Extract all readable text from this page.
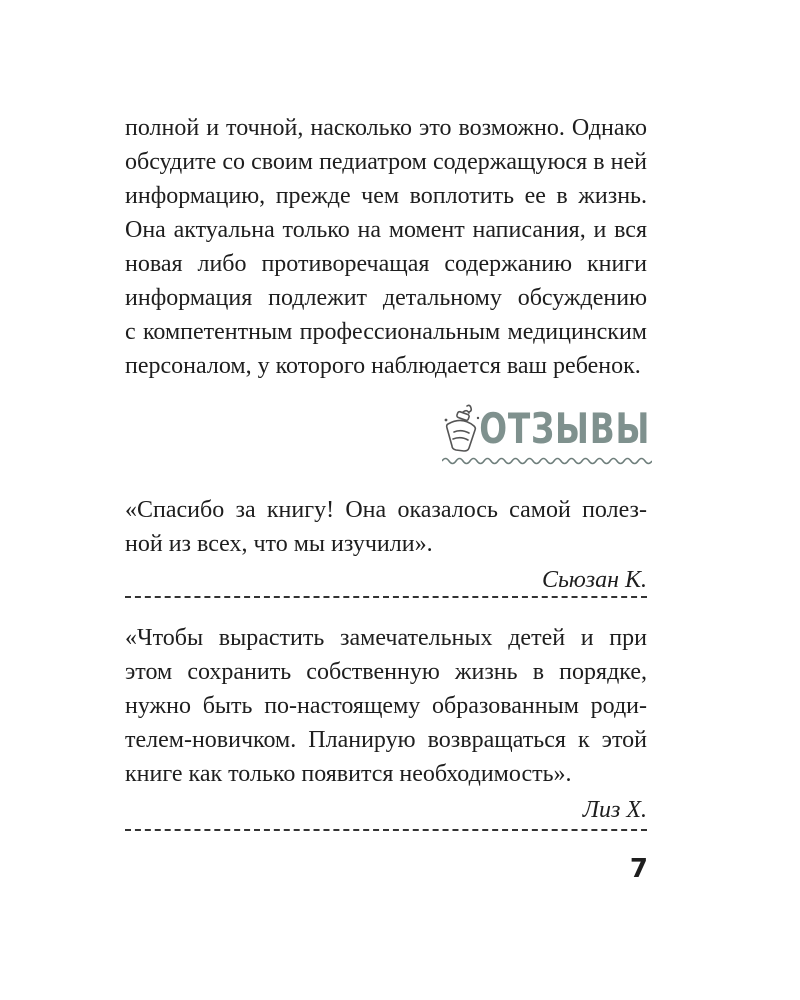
полной и точной, насколько это возможно. Однако
обсудите со своим педиатром содержащуюся в ней
информацию, прежде чем воплотить ее в жизнь.
Она актуальна только на момент написания, и вся
новая либо противоречащая содержанию книги
информация подлежит детальному обсуждению
с компетентным профессиональным медицинским
персоналом, у которого наблюдается ваш ребенок.
ОТЗЫВЫ
«Спасибо за книгу! Она оказалось самой полез-
ной из всех, что мы изучили».
Сьюзан К.
«Чтобы вырастить замечательных детей и при
этом сохранить собственную жизнь в порядке,
нужно быть по-настоящему образованным роди-
телем-новичком. Планирую возвращаться к этой
книге как только появится необходимость».
Лиз Х.
7
